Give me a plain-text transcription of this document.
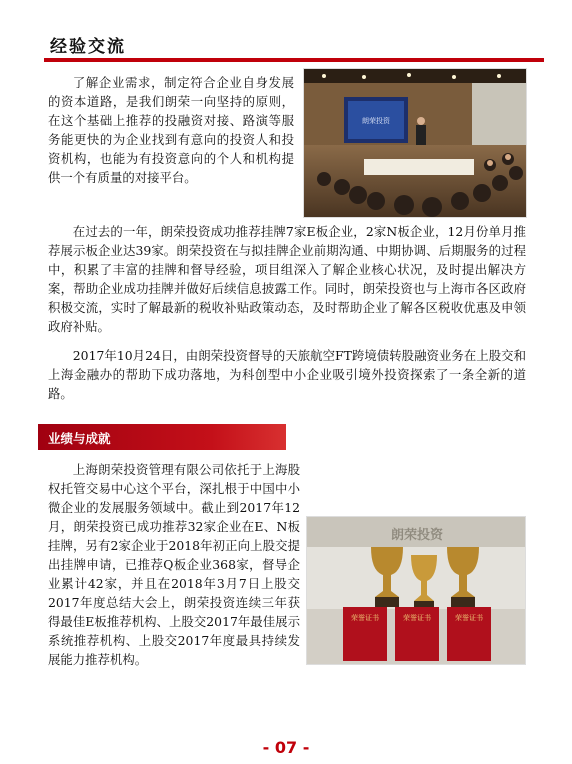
经验交流

了解企业需求，制定符合企业自身发展的资本道路，是我们朗荣一向坚持的原则，在这个基础上推荐的投融资对接、路演等服务能更快的为企业找到有意向的投资人和投资机构，也能为有投资意向的个人和机构提供一个有质量的对接平台。

朗荣投资

在过去的一年，朗荣投资成功推荐挂牌7家E板企业，2家N板企业，12月份单月推荐展示板企业达39家。朗荣投资在与拟挂牌企业前期沟通、中期协调、后期服务的过程中，积累了丰富的挂牌和督导经验，项目组深入了解企业核心状况，及时提出解决方案，帮助企业成功挂牌并做好后续信息披露工作。同时，朗荣投资也与上海市各区政府积极交流，实时了解最新的税收补贴政策动态，及时帮助企业了解各区税收优惠及申领政府补贴。

2017年10月24日，由朗荣投资督导的天旅航空FT跨境债转股融资业务在上股交和上海金融办的帮助下成功落地，为科创型中小企业吸引境外投资探索了一条全新的道路。

业绩与成就

上海朗荣投资管理有限公司依托于上海股权托管交易中心这个平台，深扎根于中国中小微企业的发展服务领域中。截止到2017年12月，朗荣投资已成功推荐32家企业在E、N板挂牌，另有2家企业于2018年初正向上股交提出挂牌申请，已推荐Q板企业368家，督导企业累计42家，并且在2018年3月7日上股交2017年度总结大会上，朗荣投资连续三年获得最佳E板推荐机构、上股交2017年最佳展示系统推荐机构、上股交2017年度最具持续发展能力推荐机构。

朗荣投资
荣誉证书	荣誉证书	荣誉证书
- 07 -
